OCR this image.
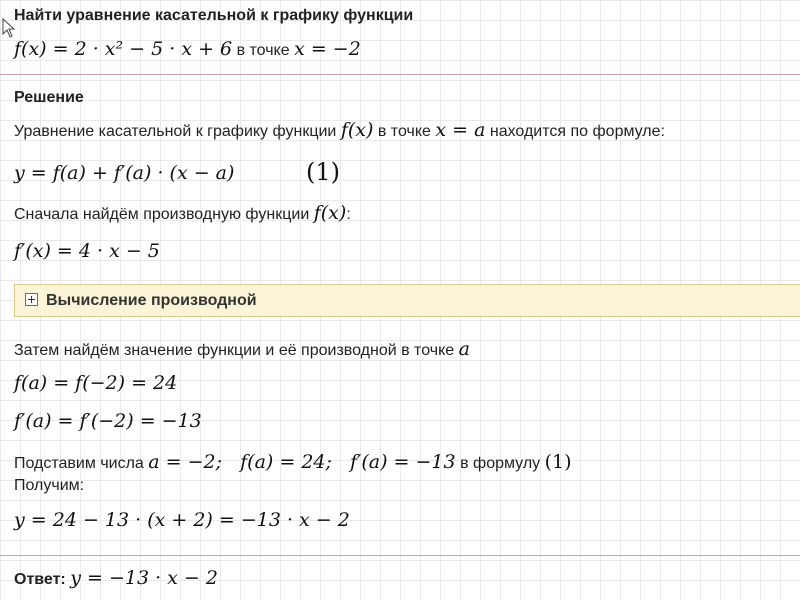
Найти уравнение касательной к графику функции
f(x) = 2 · x² − 5 · x + 6 в точке x = −2
Решение
Уравнение касательной к графику функции f(x) в точке x = a находится по формуле:
y = f(a) + f′(a) · (x − a)	(1)
Сначала найдём производную функции f(x):
f′(x) = 4 · x − 5
Вычисление производной
Затем найдём значение функции и её производной в точке a
f(a) = f(−2) = 24
f′(a) = f′(−2) = −13
Подставим числа a = −2;   f(a) = 24;   f′(a) = −13 в формулу (1)
Получим:
y = 24 − 13 · (x + 2) = −13 · x − 2
Ответ: y = −13 · x − 2
